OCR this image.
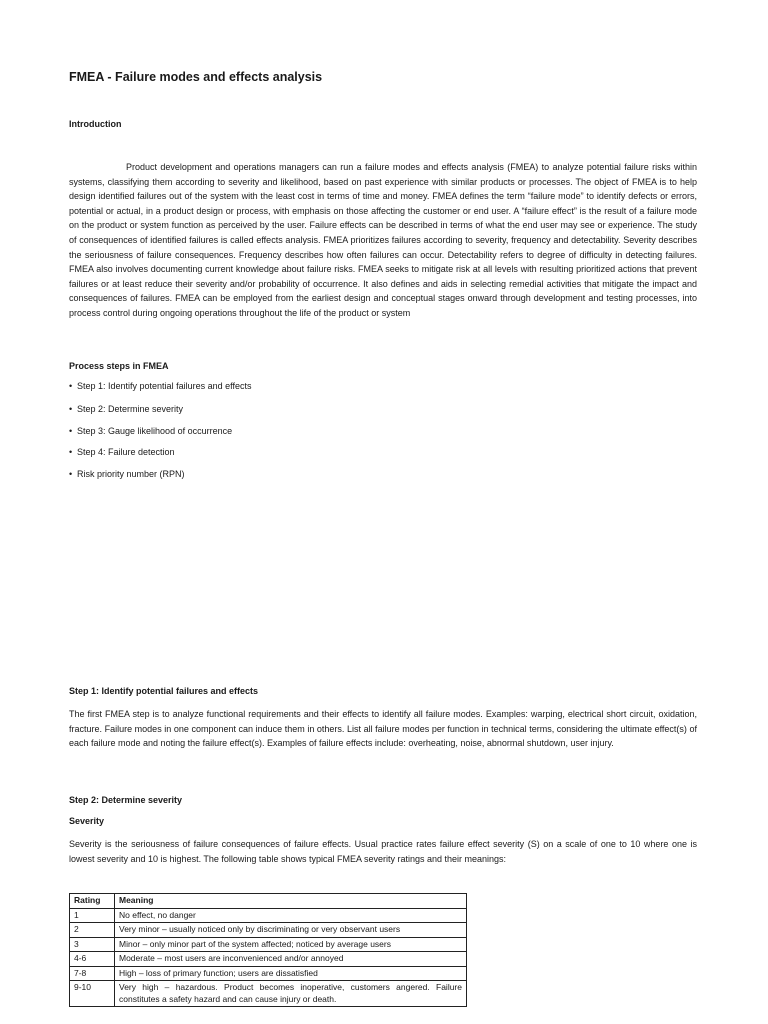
FMEA - Failure modes and effects analysis
Introduction

Product development and operations managers can run a failure modes and effects analysis (FMEA) to analyze potential failure risks within systems, classifying them according to severity and likelihood, based on past experience with similar products or processes. The object of FMEA is to help design identified failures out of the system with the least cost in terms of time and money. FMEA defines the term “failure mode” to identify defects or errors, potential or actual, in a product design or process, with emphasis on those affecting the customer or end user. A “failure effect” is the result of a failure mode on the product or system function as perceived by the user. Failure effects can be described in terms of what the end user may see or experience. The study of consequences of identified failures is called effects analysis. FMEA prioritizes failures according to severity, frequency and detectability. Severity describes the seriousness of failure consequences. Frequency describes how often failures can occur. Detectability refers to degree of difficulty in detecting failures. FMEA also involves documenting current knowledge about failure risks. FMEA seeks to mitigate risk at all levels with resulting prioritized actions that prevent failures or at least reduce their severity and/or probability of occurrence. It also defines and aids in selecting remedial activities that mitigate the impact and consequences of failures. FMEA can be employed from the earliest design and conceptual stages onward through development and testing processes, into process control during ongoing operations throughout the life of the product or system

Process steps in FMEA

• Step 1: Identify potential failures and effects

• Step 2: Determine severity

• Step 3: Gauge likelihood of occurrence

• Step 4: Failure detection

• Risk priority number (RPN)

Step 1: Identify potential failures and effects

The first FMEA step is to analyze functional requirements and their effects to identify all failure modes. Examples: warping, electrical short circuit, oxidation, fracture. Failure modes in one component can induce them in others. List all failure modes per function in technical terms, considering the ultimate effect(s) of each failure mode and noting the failure effect(s). Examples of failure effects include: overheating, noise, abnormal shutdown, user injury.

Step 2: Determine severity
Severity

Severity is the seriousness of failure consequences of failure effects. Usual practice rates failure effect severity (S) on a scale of one to 10 where one is lowest severity and 10 is highest. The following table shows typical FMEA severity ratings and their meanings:

Rating	Meaning
1	No effect, no danger
2	Very minor – usually noticed only by discriminating or very observant users
3	Minor – only minor part of the system affected; noticed by average users
4-6	Moderate – most users are inconvenienced and/or annoyed
7-8	High – loss of primary function; users are dissatisfied
9-10	Very high – hazardous. Product becomes inoperative, customers angered. Failure constitutes a safety hazard and can cause injury or death.
